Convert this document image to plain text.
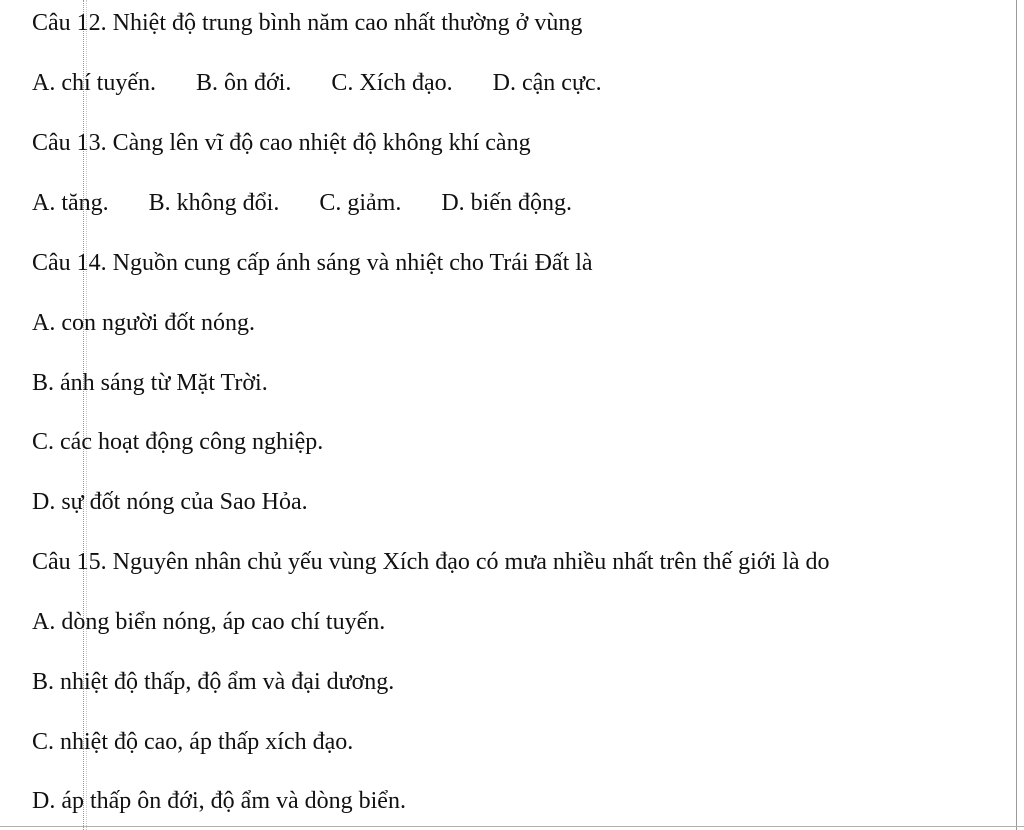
Câu 12. Nhiệt độ trung bình năm cao nhất thường ở vùng
A. chí tuyến. B. ôn đới. C. Xích đạo. D. cận cực.
Câu 13. Càng lên vĩ độ cao nhiệt độ không khí càng
A. tăng. B. không đổi. C. giảm. D. biến động.
Câu 14. Nguồn cung cấp ánh sáng và nhiệt cho Trái Đất là
A. con người đốt nóng.
B. ánh sáng từ Mặt Trời.
C. các hoạt động công nghiệp.
D. sự đốt nóng của Sao Hỏa.
Câu 15. Nguyên nhân chủ yếu vùng Xích đạo có mưa nhiều nhất trên thế giới là do
A. dòng biển nóng, áp cao chí tuyến.
B. nhiệt độ thấp, độ ẩm và đại dương.
C. nhiệt độ cao, áp thấp xích đạo.
D. áp thấp ôn đới, độ ẩm và dòng biển.
